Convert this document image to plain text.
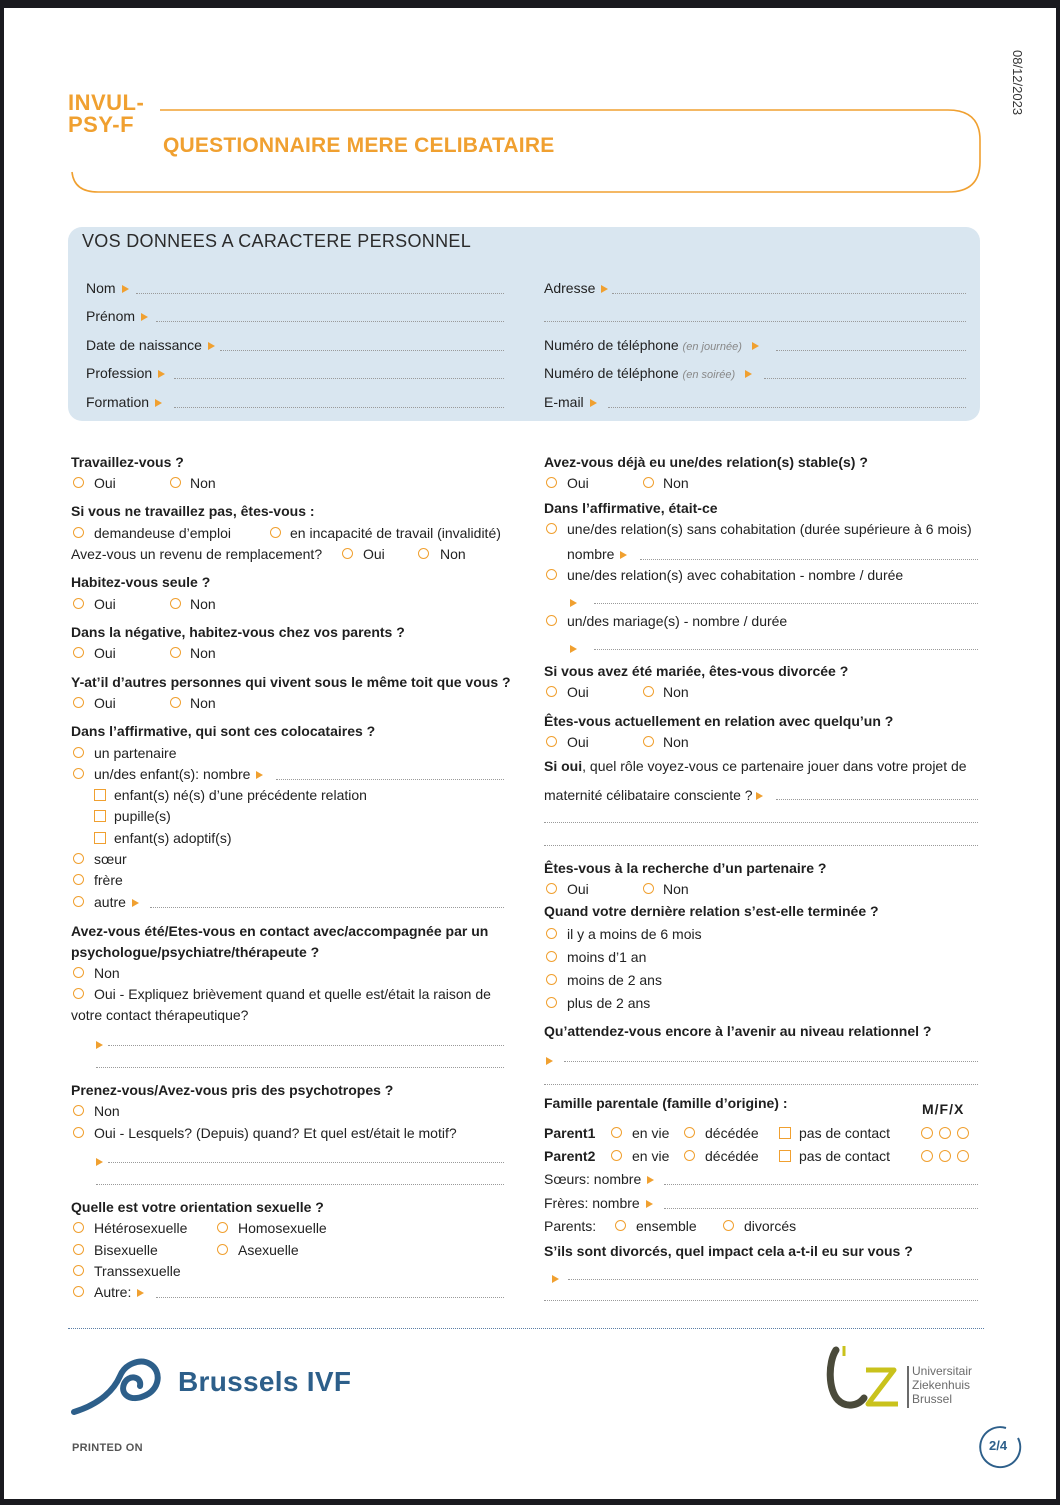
INVUL-
PSY-F
QUESTIONNAIRE MERE CELIBATAIRE
08/12/2023
VOS DONNEES A CARACTERE PERSONNEL
Nom
Prénom
Date de naissance
Profession
Formation
Adresse
Numéro de téléphone (en journée)
Numéro de téléphone (en soirée)
E-mail
Travaillez-vous ?
Oui	Non
Si vous ne travaillez pas, êtes-vous :
demandeuse d’emploi	en incapacité de travail (invalidité)
Avez-vous un revenu de remplacement?	Oui	Non
Habitez-vous seule ?
Oui	Non
Dans la négative, habitez-vous chez vos parents ?
Oui	Non
Y-at’il d’autres personnes qui vivent sous le même toit que vous ?
Oui	Non
Dans l’affirmative, qui sont ces colocataires ?
un partenaire
un/des enfant(s): nombre
enfant(s) né(s) d’une précédente relation
pupille(s)
enfant(s) adoptif(s)
sœur
frère
autre
Avez-vous été/Etes-vous en contact avec/accompagnée par un
psychologue/psychiatre/thérapeute ?
Non
Oui - Expliquez brièvement quand et quelle est/était la raison de
votre contact thérapeutique?
Prenez-vous/Avez-vous pris des psychotropes ?
Non
Oui - Lesquels? (Depuis) quand? Et quel est/était le motif?
Quelle est votre orientation sexuelle ?
Hétérosexuelle	Homosexuelle
Bisexuelle	Asexuelle
Transsexuelle
Autre:
Avez-vous déjà eu une/des relation(s) stable(s) ?
Oui	Non
Dans l’affirmative, était-ce
une/des relation(s) sans cohabitation (durée supérieure à 6 mois)
nombre
une/des relation(s) avec cohabitation - nombre / durée
un/des mariage(s) - nombre / durée
Si vous avez été mariée, êtes-vous divorcée ?
Oui	Non
Êtes-vous actuellement en relation avec quelqu’un ?
Oui	Non
Si oui, quel rôle voyez-vous ce partenaire jouer dans votre projet de
maternité célibataire consciente ?
Êtes-vous à la recherche d’un partenaire ?
Oui	Non
Quand votre dernière relation s’est-elle terminée ?
il y a moins de 6 mois
moins d’1 an
moins de 2 ans
plus de 2 ans
Qu’attendez-vous encore à l’avenir au niveau relationnel ?
Famille parentale (famille d’origine) :	M/F/X
Parent1	en vie	décédée	pas de contact
Parent2	en vie	décédée	pas de contact
Sœurs: nombre
Frères: nombre
Parents:	ensemble	divorcés
S’ils sont divorcés, quel impact cela a-t-il eu sur vous ?
Brussels IVF	Universitair
Ziekenhuis
Brussel
PRINTED ON	2/4
